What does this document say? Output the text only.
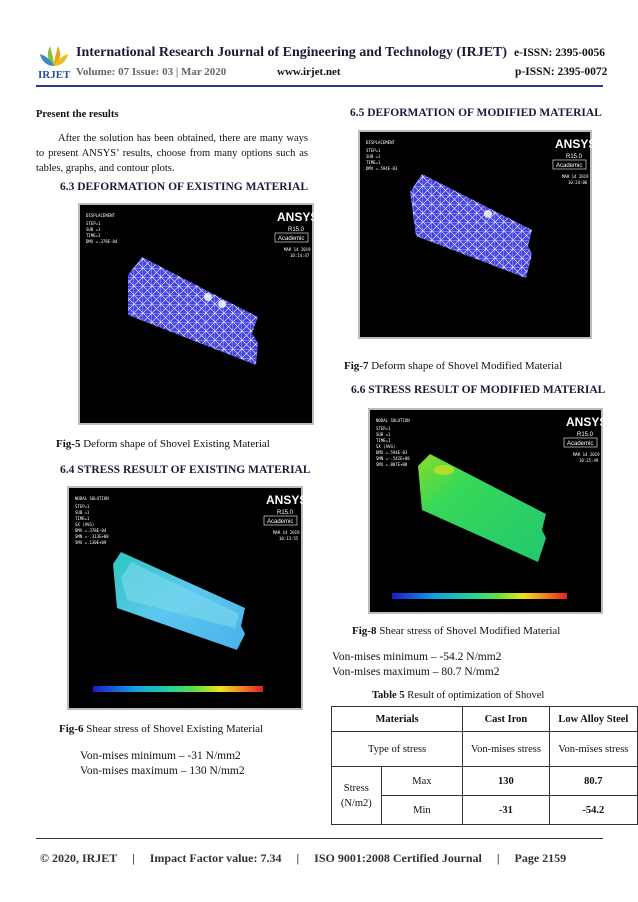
IRJET
International Research Journal of Engineering and Technology (IRJET) e-ISSN: 2395-0056
Volume: 07 Issue: 03 | Mar 2020	www.irjet.net	p-ISSN: 2395-0072
Present the results
After the solution has been obtained, there are many ways to present ANSYS’ results, choose from many options such as tables, graphs, and contour plots.
6.3 DEFORMATION OF EXISTING MATERIAL
DISPLACEMENT
STEP=1
SUB =1
TIME=1
DMX =.378E-04
ANSYS
R15.0
Academic
MAR 14 2019
10:14:47
Fig-5 Deform shape of Shovel Existing Material
6.4 STRESS RESULT OF EXISTING MATERIAL
NODAL SOLUTION
STEP=1
SUB =1
TIME=1
SX (AVG)
DMX =.378E-04
SMN =-.313E+08
SMX =.130E+09
ANSYS
R15.0
Academic
MAR 14 2019
10:13:55
Fig-6 Shear stress of Shovel Existing Material
Von-mises minimum – -31 N/mm2
Von-mises maximum – 130 N/mm2
6.5 DEFORMATION OF MODIFIED MATERIAL
DISPLACEMENT
STEP=1
SUB =1
TIME=1
DMX =.594E-03
ANSYS
R15.0
Academic
MAR 14 2019
10:24:06
Fig-7 Deform shape of Shovel Modified Material
6.6 STRESS RESULT OF MODIFIED MATERIAL
NODAL SOLUTION
STEP=1
SUB =1
TIME=1
SX (AVG)
DMX =.594E-03
SMN =-.542E+08
SMX =.807E+08
ANSYS
R15.0
Academic
MAR 14 2019
10:25:49
Fig-8 Shear stress of Shovel Modified Material
Von-mises minimum – -54.2 N/mm2
Von-mises maximum – 80.7 N/mm2
Table 5 Result of optimization of Shovel
Materials		Cast Iron	Low Alloy Steel
Type of stress		Von-mises stress	Von-mises stress
Stress (N/m2)	Max	130	80.7
	Min	-31	-54.2
© 2020, IRJET     |     Impact Factor value: 7.34     |     ISO 9001:2008 Certified Journal     |     Page 2159
